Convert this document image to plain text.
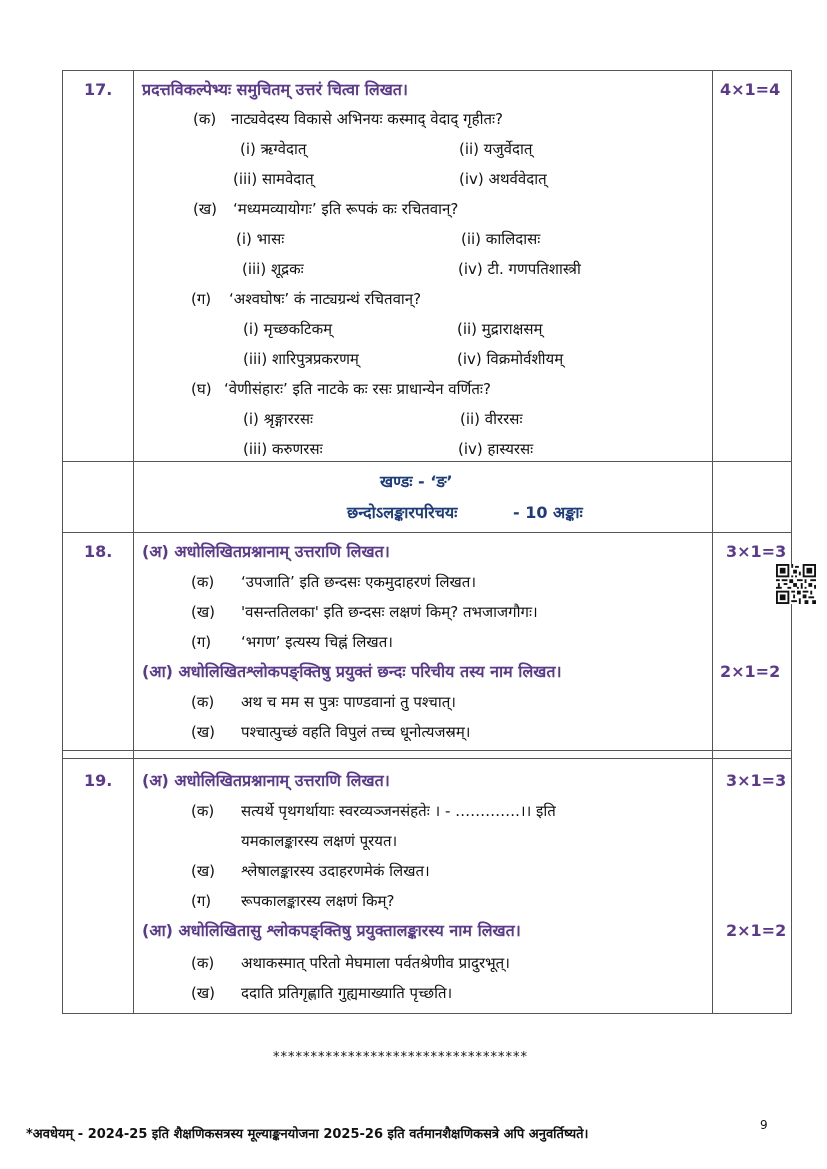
17. प्रदत्तविकल्पेभ्यः समुचितम् उत्तरं चित्वा लिखत।	4×1=4
(क) नाट्यवेदस्य विकासे अभिनयः कस्माद् वेदाद् गृहीतः?
(i) ऋग्वेदात्	(ii) यजुर्वेदात्
(iii) सामवेदात्	(iv) अथर्ववेदात्
(ख) ‘मध्यमव्यायोगः’ इति रूपकं कः रचितवान्?
(i) भासः	(ii) कालिदासः
(iii) शूद्रकः	(iv) टी. गणपतिशास्त्री
(ग) ‘अश्वघोषः’ कं नाट्यग्रन्थं रचितवान्?
(i) मृच्छकटिकम्	(ii) मुद्राराक्षसम्
(iii) शारिपुत्रप्रकरणम्	(iv) विक्रमोर्वशीयम्
(घ) ‘वेणीसंहारः’ इति नाटके कः रसः प्राधान्येन वर्णितः?
(i) श्रृङ्गाररसः	(ii) वीररसः
(iii) करुणरसः	(iv) हास्यरसः
खण्डः - ‘ङ’
छन्दोऽलङ्कारपरिचयः	- 10 अङ्काः
18. (अ) अधोलिखितप्रश्नानाम् उत्तराणि लिखत।	3×1=3
(क) ‘उपजाति’ इति छन्दसः एकमुदाहरणं लिखत।
(ख) 'वसन्ततिलका' इति छन्दसः लक्षणं किम्? तभजाजगौगः।
(ग) ‘भगण’ इत्यस्य चिह्नं लिखत।
(आ) अधोलिखितश्लोकपङ्क्तिषु प्रयुक्तं छन्दः परिचीय तस्य नाम लिखत।	2×1=2
(क) अथ च मम स पुत्रः पाण्डवानां तु पश्चात्।
(ख) पश्चात्पुच्छं वहति विपुलं तच्च धूनोत्यजस्रम्।
19. (अ) अधोलिखितप्रश्नानाम् उत्तराणि लिखत।	3×1=3
(क) सत्यर्थे पृथगर्थायाः स्वरव्यञ्जनसंहतेः । - ………….।। इति
यमकालङ्कारस्य लक्षणं पूरयत।
(ख) श्लेषालङ्कारस्य उदाहरणमेकं लिखत।
(ग) रूपकालङ्कारस्य लक्षणं किम्?
(आ) अधोलिखितासु श्लोकपङ्क्तिषु प्रयुक्तालङ्कारस्य नाम लिखत।	2×1=2
(क) अथाकस्मात् परितो मेघमाला पर्वतश्रेणीव प्रादुरभूत्।
(ख) ददाति प्रतिगृह्णाति गुह्यमाख्याति पृच्छति।
**********************************
*अवधेयम् - 2024-25 इति शैक्षणिकसत्रस्य मूल्याङ्कनयोजना 2025-26 इति वर्तमानशैक्षणिकसत्रे अपि अनुवर्तिष्यते।
9
